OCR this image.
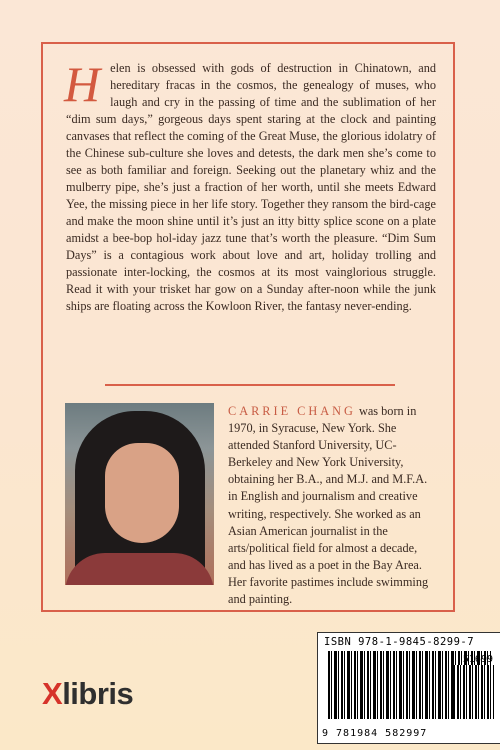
Helen is obsessed with gods of destruction in Chinatown, and hereditary fracas in the cosmos, the genealogy of muses, who laugh and cry in the passing of time and the sublimation of her “dim sum days,” gorgeous days spent staring at the clock and painting canvases that reflect the coming of the Great Muse, the glorious idolatry of the Chinese sub-culture she loves and detests, the dark men she’s come to see as both familiar and foreign. Seeking out the planetary whiz and the mulberry pipe, she’s just a fraction of her worth, until she meets Edward Yee, the missing piece in her life story. Together they ransom the bird-cage and make the moon shine until it’s just an itty bitty splice scone on a plate amidst a bee-bop hol-iday jazz tune that’s worth the pleasure. “Dim Sum Days” is a contagious work about love and art, holiday trolling and passionate inter-locking, the cosmos at its most vainglorious struggle. Read it with your trisket har gow on a Sunday after-noon while the junk ships are floating across the Kowloon River, the fantasy never-ending.
CARRIE CHANG was born in 1970, in Syracuse, New York. She attended Stanford University, UC-Berkeley and New York University, obtaining her B.A., and M.J. and M.F.A. in English and journalism and creative writing, respectively. She worked as an Asian American journalist in the arts/political field for almost a decade, and has lived as a poet in the Bay Area. Her favorite pastimes include swimming and painting.
ISBN 978-1-9845-8299-7
51699
9 781984 582997
Xlibris
